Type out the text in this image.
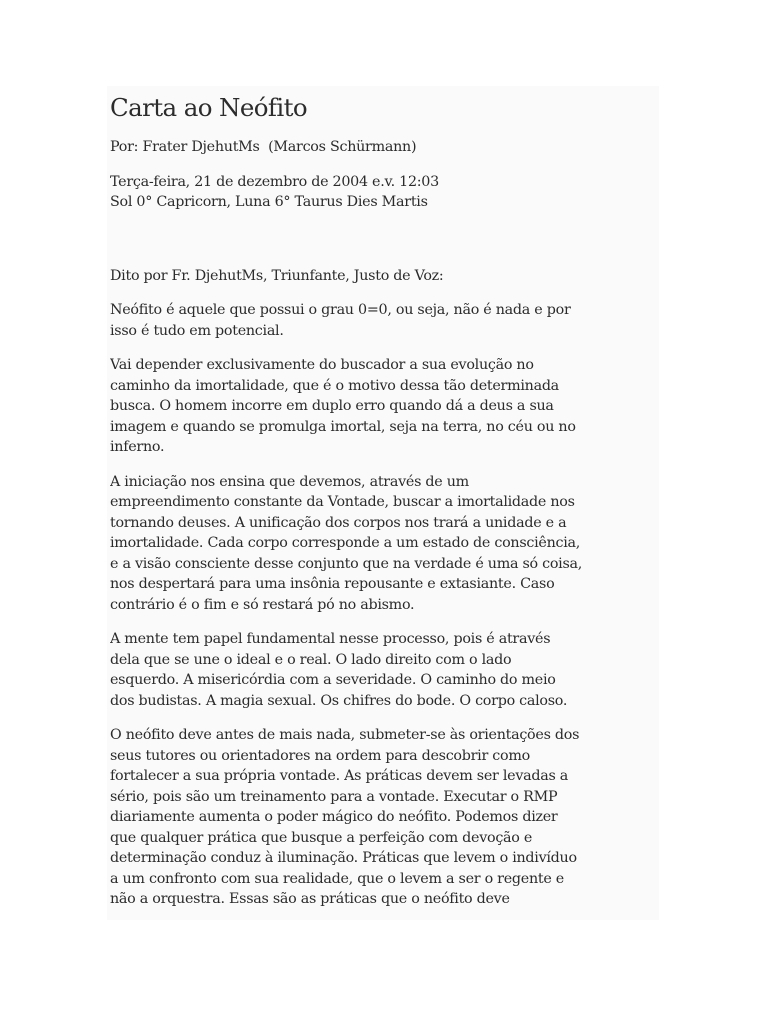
Carta ao Neófito

Por: Frater DjehutMs  (Marcos Schürmann)

Terça-feira, 21 de dezembro de 2004 e.v. 12:03
Sol 0° Capricorn, Luna 6° Taurus Dies Martis

Dito por Fr. DjehutMs, Triunfante, Justo de Voz:

Neófito é aquele que possui o grau 0=0, ou seja, não é nada e por
isso é tudo em potencial.

Vai depender exclusivamente do buscador a sua evolução no
caminho da imortalidade, que é o motivo dessa tão determinada
busca. O homem incorre em duplo erro quando dá a deus a sua
imagem e quando se promulga imortal, seja na terra, no céu ou no
inferno.

A iniciação nos ensina que devemos, através de um
empreendimento constante da Vontade, buscar a imortalidade nos
tornando deuses. A unificação dos corpos nos trará a unidade e a
imortalidade. Cada corpo corresponde a um estado de consciência,
e a visão consciente desse conjunto que na verdade é uma só coisa,
nos despertará para uma insônia repousante e extasiante. Caso
contrário é o fim e só restará pó no abismo.

A mente tem papel fundamental nesse processo, pois é através
dela que se une o ideal e o real. O lado direito com o lado
esquerdo. A misericórdia com a severidade. O caminho do meio
dos budistas. A magia sexual. Os chifres do bode. O corpo caloso.

O neófito deve antes de mais nada, submeter-se às orientações dos
seus tutores ou orientadores na ordem para descobrir como
fortalecer a sua própria vontade. As práticas devem ser levadas a
sério, pois são um treinamento para a vontade. Executar o RMP
diariamente aumenta o poder mágico do neófito. Podemos dizer
que qualquer prática que busque a perfeição com devoção e
determinação conduz à iluminação. Práticas que levem o indivíduo
a um confronto com sua realidade, que o levem a ser o regente e
não a orquestra. Essas são as práticas que o neófito deve
